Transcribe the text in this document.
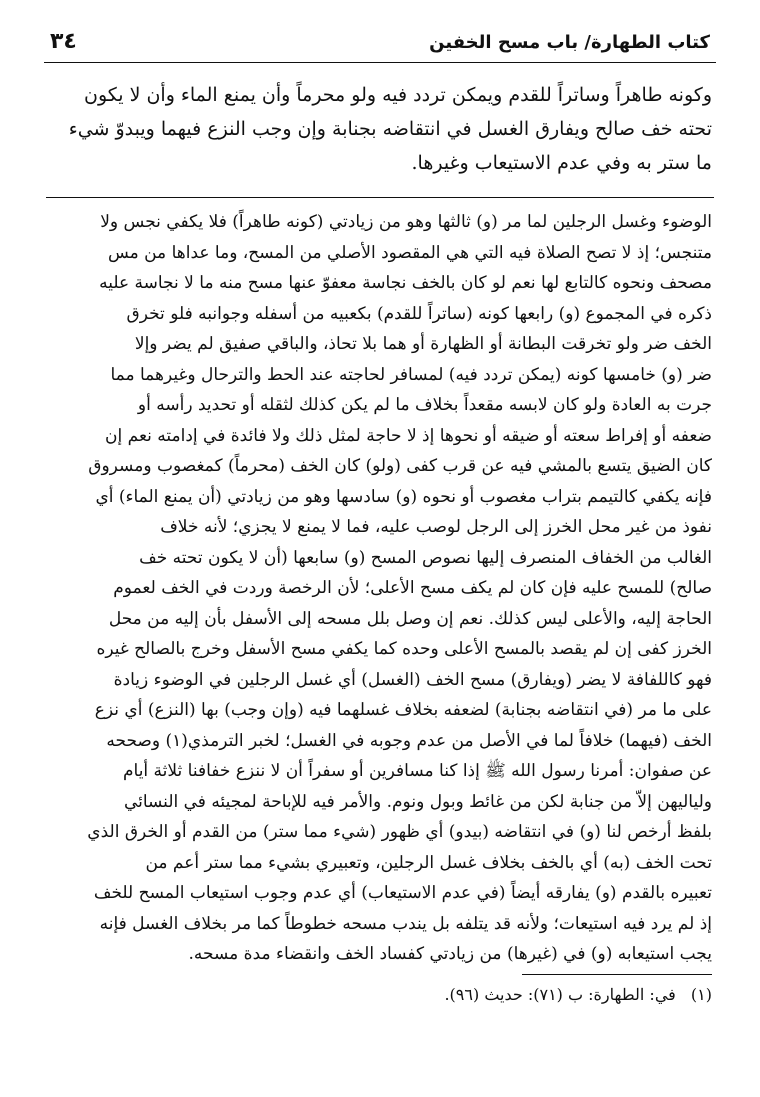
كتاب الطهارة/ باب مسح الخفين
٣٤
وكونه طاهراً وساتراً للقدم ويمكن تردد فيه ولو محرماً وأن يمنع الماء وأن لا يكون
تحته خف صالح ويفارق الغسل في انتقاضه بجنابة وإن وجب النزع فيهما ويبدوّ شيء
ما ستر به وفي عدم الاستيعاب وغيرها.
الوضوء وغسل الرجلين لما مر (و) ثالثها وهو من زيادتي (كونه طاهراً) فلا يكفي نجس ولا
متنجس؛ إذ لا تصح الصلاة فيه التي هي المقصود الأصلي من المسح، وما عداها من مس
مصحف ونحوه كالتابع لها نعم لو كان بالخف نجاسة معفوّ عنها مسح منه ما لا نجاسة عليه
ذكره في المجموع (و) رابعها كونه (ساتراً للقدم) بكعبيه من أسفله وجوانبه فلو تخرق
الخف ضر ولو تخرقت البطانة أو الظهارة أو هما بلا تحاذ، والباقي صفيق لم يضر وإلا
ضر (و) خامسها كونه (يمكن تردد فيه) لمسافر لحاجته عند الحط والترحال وغيرهما مما
جرت به العادة ولو كان لابسه مقعداً بخلاف ما لم يكن كذلك لثقله أو تحديد رأسه أو
ضعفه أو إفراط سعته أو ضيقه أو نحوها إذ لا حاجة لمثل ذلك ولا فائدة في إدامته نعم إن
كان الضيق يتسع بالمشي فيه عن قرب كفى (ولو) كان الخف (محرماً) كمغصوب ومسروق
فإنه يكفي كالتيمم بتراب مغصوب أو نحوه (و) سادسها وهو من زيادتي (أن يمنع الماء) أي
نفوذ من غير محل الخرز إلى الرجل لوصب عليه، فما لا يمنع لا يجزي؛ لأنه خلاف
الغالب من الخفاف المنصرف إليها نصوص المسح (و) سابعها (أن لا يكون تحته خف
صالح) للمسح عليه فإن كان لم يكف مسح الأعلى؛ لأن الرخصة وردت في الخف لعموم
الحاجة إليه، والأعلى ليس كذلك. نعم إن وصل بلل مسحه إلى الأسفل بأن إليه من محل
الخرز كفى إن لم يقصد بالمسح الأعلى وحده كما يكفي مسح الأسفل وخرج بالصالح غيره
فهو كاللفافة لا يضر (ويفارق) مسح الخف (الغسل) أي غسل الرجلين في الوضوء زيادة
على ما مر (في انتقاضه بجنابة) لضعفه بخلاف غسلهما فيه (وإن وجب) بها (النزع) أي نزع
الخف (فيهما) خلافاً لما في الأصل من عدم وجوبه في الغسل؛ لخبر الترمذي(١) وصححه
عن صفوان: أمرنا رسول الله ﷺ إذا كنا مسافرين أو سفراً أن لا ننزع خفافنا ثلاثة أيام
ولياليهن إلاّ من جنابة لكن من غائط وبول ونوم. والأمر فيه للإباحة لمجيئه في النسائي
بلفظ أرخص لنا (و) في انتقاضه (بيدو) أي ظهور (شيء مما ستر) من القدم أو الخرق الذي
تحت الخف (به) أي بالخف بخلاف غسل الرجلين، وتعبيري بشيء مما ستر أعم من
تعبيره بالقدم (و) يفارقه أيضاً (في عدم الاستيعاب) أي عدم وجوب استيعاب المسح للخف
إذ لم يرد فيه استيعات؛ ولأنه قد يتلفه بل يندب مسحه خطوطاً كما مر بخلاف الغسل فإنه
يجب استيعابه (و) في (غيرها) من زيادتي كفساد الخف وانقضاء مدة مسحه.
(١) في: الطهارة: ب (٧١): حديث (٩٦).
